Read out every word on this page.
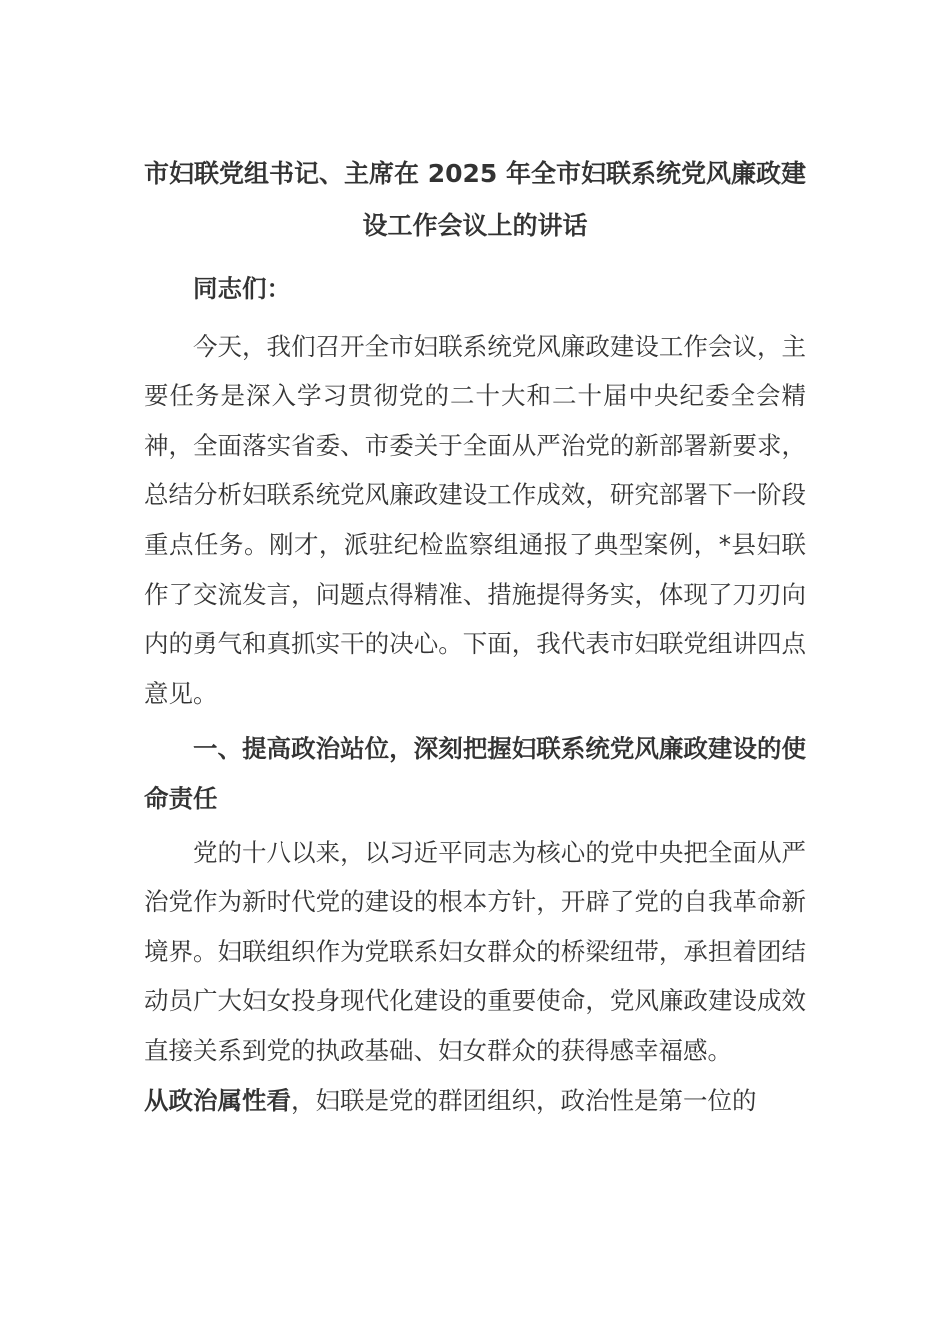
市妇联党组书记、主席在 2025 年全市妇联系统党风廉政建设工作会议上的讲话

同志们：

今天，我们召开全市妇联系统党风廉政建设工作会议，主要任务是深入学习贯彻党的二十大和二十届中央纪委全会精神，全面落实省委、市委关于全面从严治党的新部署新要求，总结分析妇联系统党风廉政建设工作成效，研究部署下一阶段重点任务。刚才，派驻纪检监察组通报了典型案例，*县妇联作了交流发言，问题点得精准、措施提得务实，体现了刀刃向内的勇气和真抓实干的决心。下面，我代表市妇联党组讲四点意见。

一、提高政治站位，深刻把握妇联系统党风廉政建设的使命责任

党的十八以来，以习近平同志为核心的党中央把全面从严治党作为新时代党的建设的根本方针，开辟了党的自我革命新境界。妇联组织作为党联系妇女群众的桥梁纽带，承担着团结动员广大妇女投身现代化建设的重要使命，党风廉政建设成效直接关系到党的执政基础、妇女群众的获得感幸福感。

从政治属性看，妇联是党的群团组织，政治性是第一位的
